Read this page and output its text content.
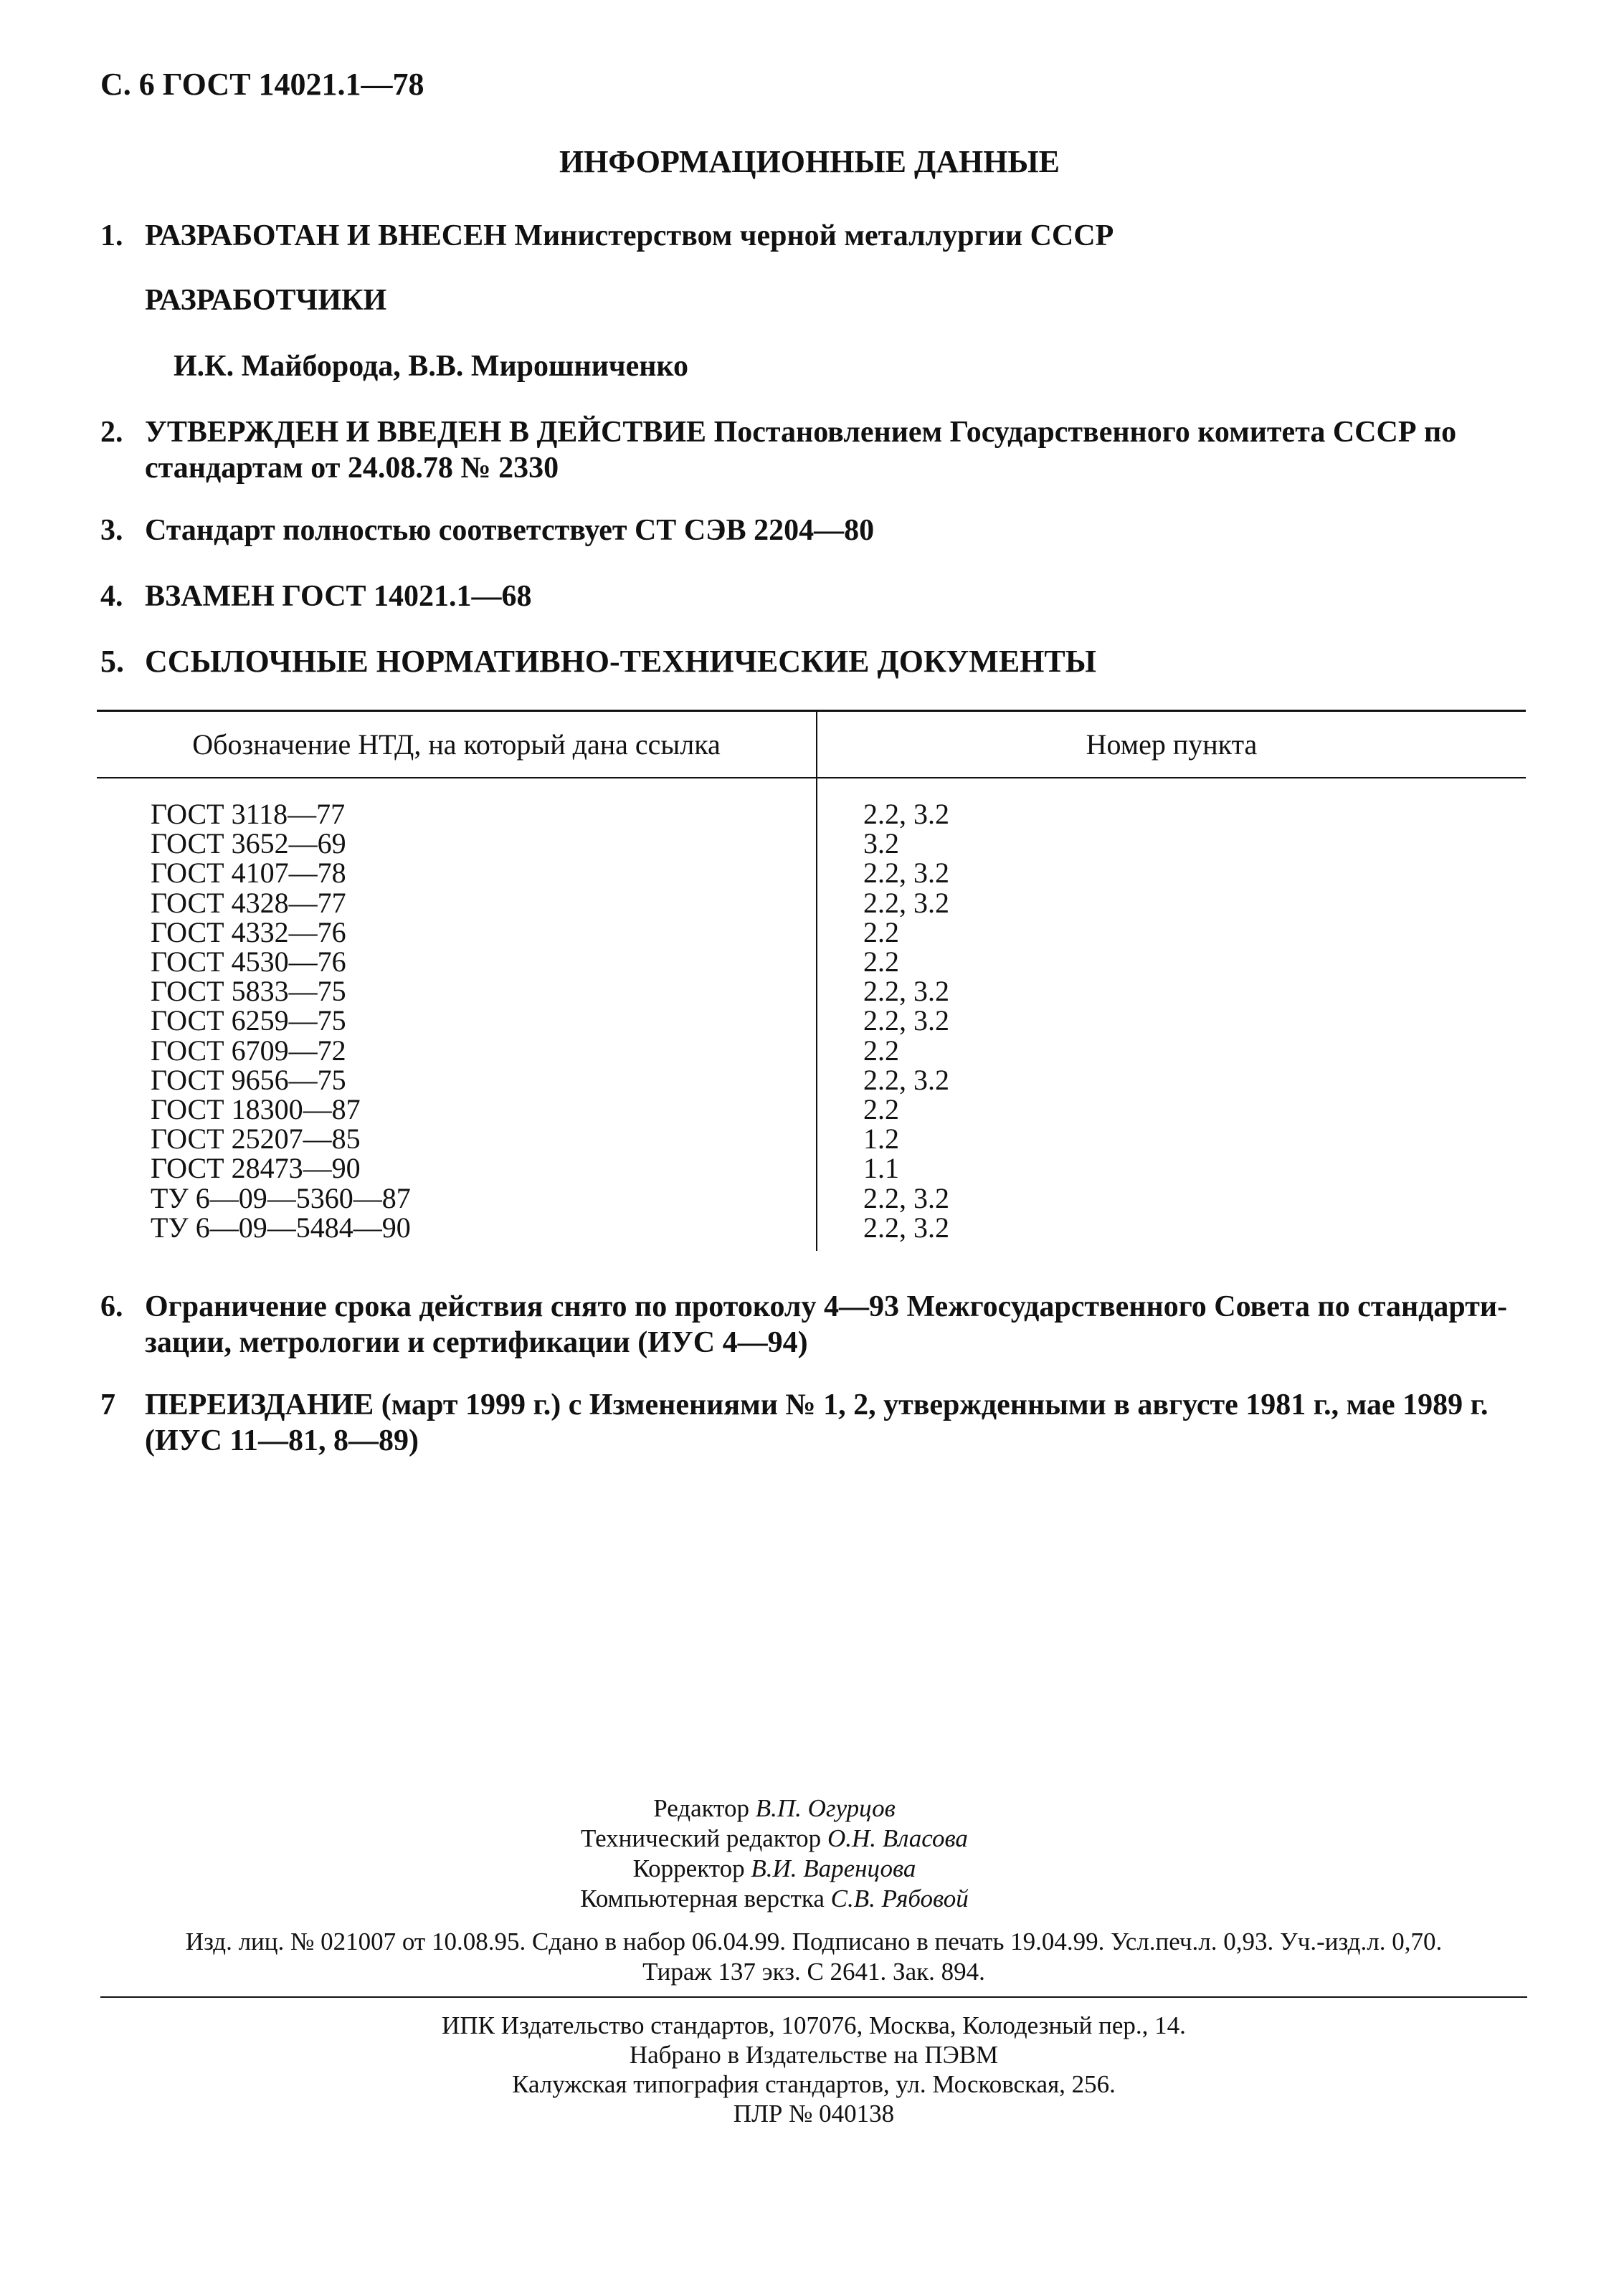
С. 6 ГОСТ 14021.1—78
ИНФОРМАЦИОННЫЕ ДАННЫЕ
1. РАЗРАБОТАН И ВНЕСЕН Министерством черной металлургии СССР
РАЗРАБОТЧИКИ
И.К. Майборода, В.В. Мирошниченко
2. УТВЕРЖДЕН И ВВЕДЕН В ДЕЙСТВИЕ Постановлением Государственного комитета СССР по
стандартам от 24.08.78 № 2330
3. Стандарт полностью соответствует СТ СЭВ 2204—80
4. ВЗАМЕН ГОСТ 14021.1—68
5. ССЫЛОЧНЫЕ НОРМАТИВНО-ТЕХНИЧЕСКИЕ ДОКУМЕНТЫ
Обозначение НТД, на который дана ссылка	Номер пункта
ГОСТ 3118—77
ГОСТ 3652—69
ГОСТ 4107—78
ГОСТ 4328—77
ГОСТ 4332—76
ГОСТ 4530—76
ГОСТ 5833—75
ГОСТ 6259—75
ГОСТ 6709—72
ГОСТ 9656—75
ГОСТ 18300—87
ГОСТ 25207—85
ГОСТ 28473—90
ТУ 6—09—5360—87
ТУ 6—09—5484—90
2.2, 3.2
3.2
2.2, 3.2
2.2, 3.2
2.2
2.2
2.2, 3.2
2.2, 3.2
2.2
2.2, 3.2
2.2
1.2
1.1
2.2, 3.2
2.2, 3.2
6. Ограничение срока действия снято по протоколу 4—93 Межгосударственного Совета по стандарти-
зации, метрологии и сертификации (ИУС 4—94)
7 ПЕРЕИЗДАНИЕ (март 1999 г.) с Изменениями № 1, 2, утвержденными в августе 1981 г., мае 1989 г.
(ИУС 11—81, 8—89)
Редактор В.П. Огурцов
Технический редактор О.Н. Власова
Корректор В.И. Варенцова
Компьютерная верстка С.В. Рябовой
Изд. лиц. № 021007 от 10.08.95. Сдано в набор 06.04.99. Подписано в печать 19.04.99. Усл.печ.л. 0,93. Уч.-изд.л. 0,70.
Тираж 137 экз. С 2641. Зак. 894.
ИПК Издательство стандартов, 107076, Москва, Колодезный пер., 14.
Набрано в Издательстве на ПЭВМ
Калужская типография стандартов, ул. Московская, 256.
ПЛР № 040138
